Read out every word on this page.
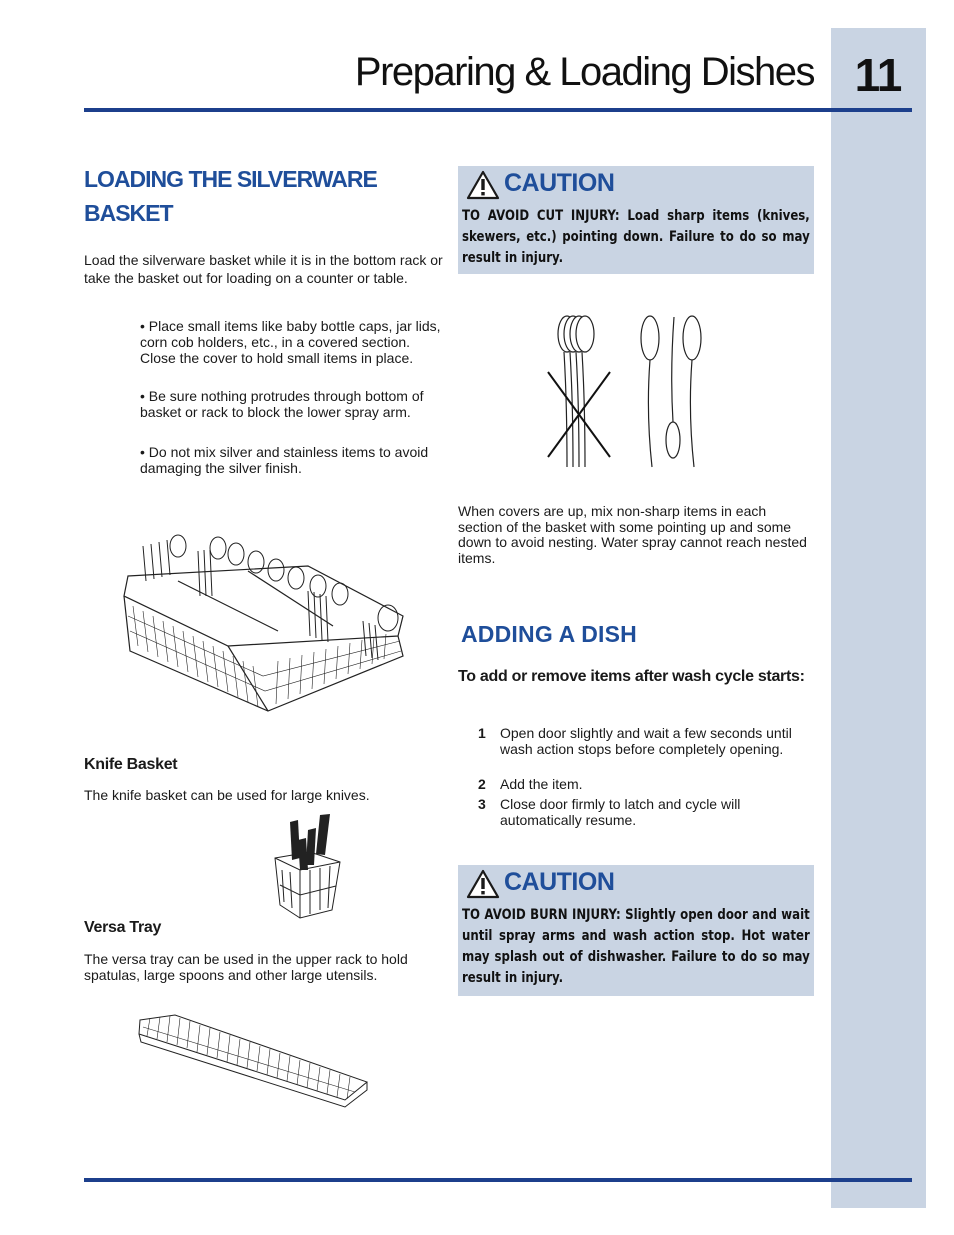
11
Preparing & Loading Dishes
LOADING THE SILVERWARE
BASKET
Load the silverware basket while it is in the bottom rack or take the basket out for loading on a counter or table.
• Place small items like baby bottle caps, jar lids, corn cob holders, etc., in a covered section. Close the cover to hold small items in place.
• Be sure nothing protrudes through bottom of basket or rack to block the lower spray arm.
• Do not mix silver and stainless items to avoid damaging the silver finish.
Knife Basket
The knife basket can be used for large knives.
Versa Tray
The versa tray can be used in the upper rack to hold spatulas, large spoons and other large utensils.
CAUTION
TO AVOID CUT INJURY: Load sharp items (knives, skewers, etc.) pointing down. Failure to do so may result in injury.
When covers are up, mix non-sharp items in each section of the basket with some pointing up and some down to avoid nesting. Water spray cannot reach nested items.
ADDING A DISH
To add or remove items after wash cycle starts:
1 Open door slightly and wait a few seconds until wash action stops before completely opening.
2 Add the item.
3 Close door firmly to latch and cycle will automatically resume.
CAUTION
TO AVOID BURN INJURY: Slightly open door and wait until spray arms and wash action stop. Hot water may splash out of dishwasher. Failure to do so may result in injury.
